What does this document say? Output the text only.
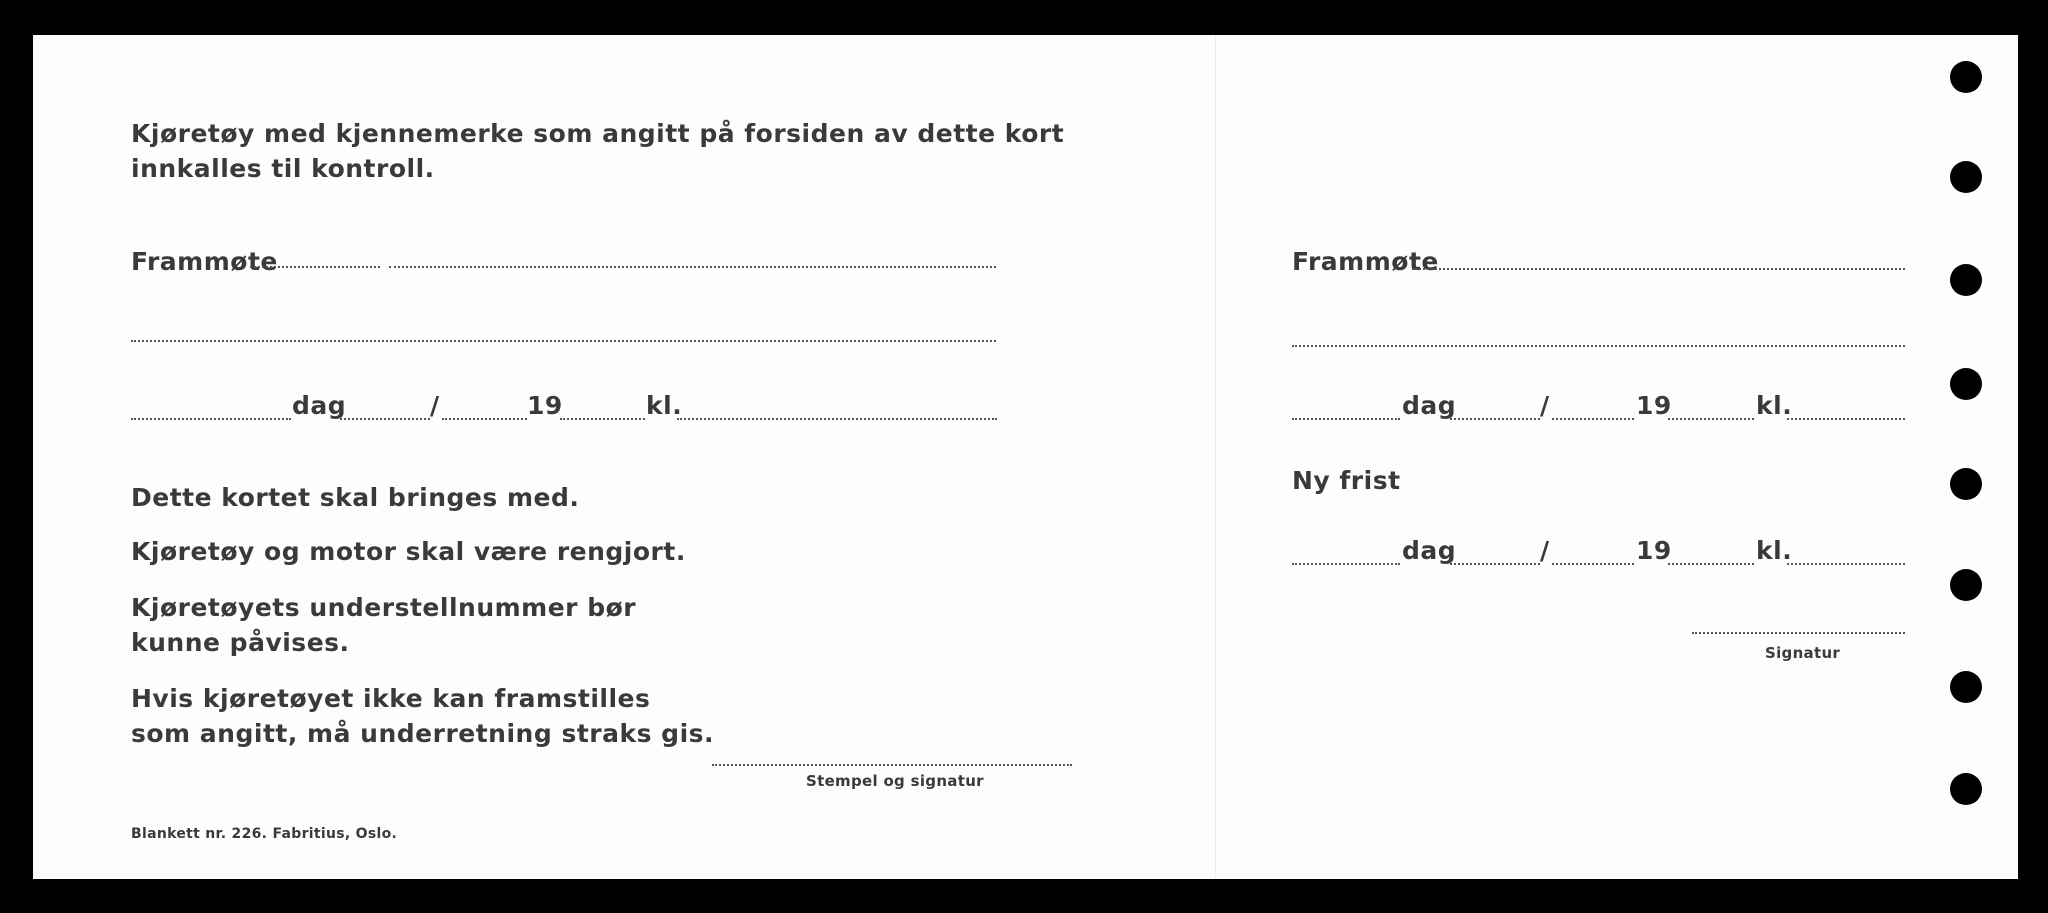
Kjøretøy med kjennemerke som angitt på forsiden av dette kort
innkalles til kontroll.
Frammøte
dag	/	19	kl.
Dette kortet skal bringes med.
Kjøretøy og motor skal være rengjort.
Kjøretøyets understellnummer bør
kunne påvises.
Hvis kjøretøyet ikke kan framstilles
som angitt, må underretning straks gis.
Stempel og signatur
Blankett nr. 226. Fabritius, Oslo.
Frammøte
dag	/	19	kl.
Ny frist
dag	/	19	kl.
Signatur
